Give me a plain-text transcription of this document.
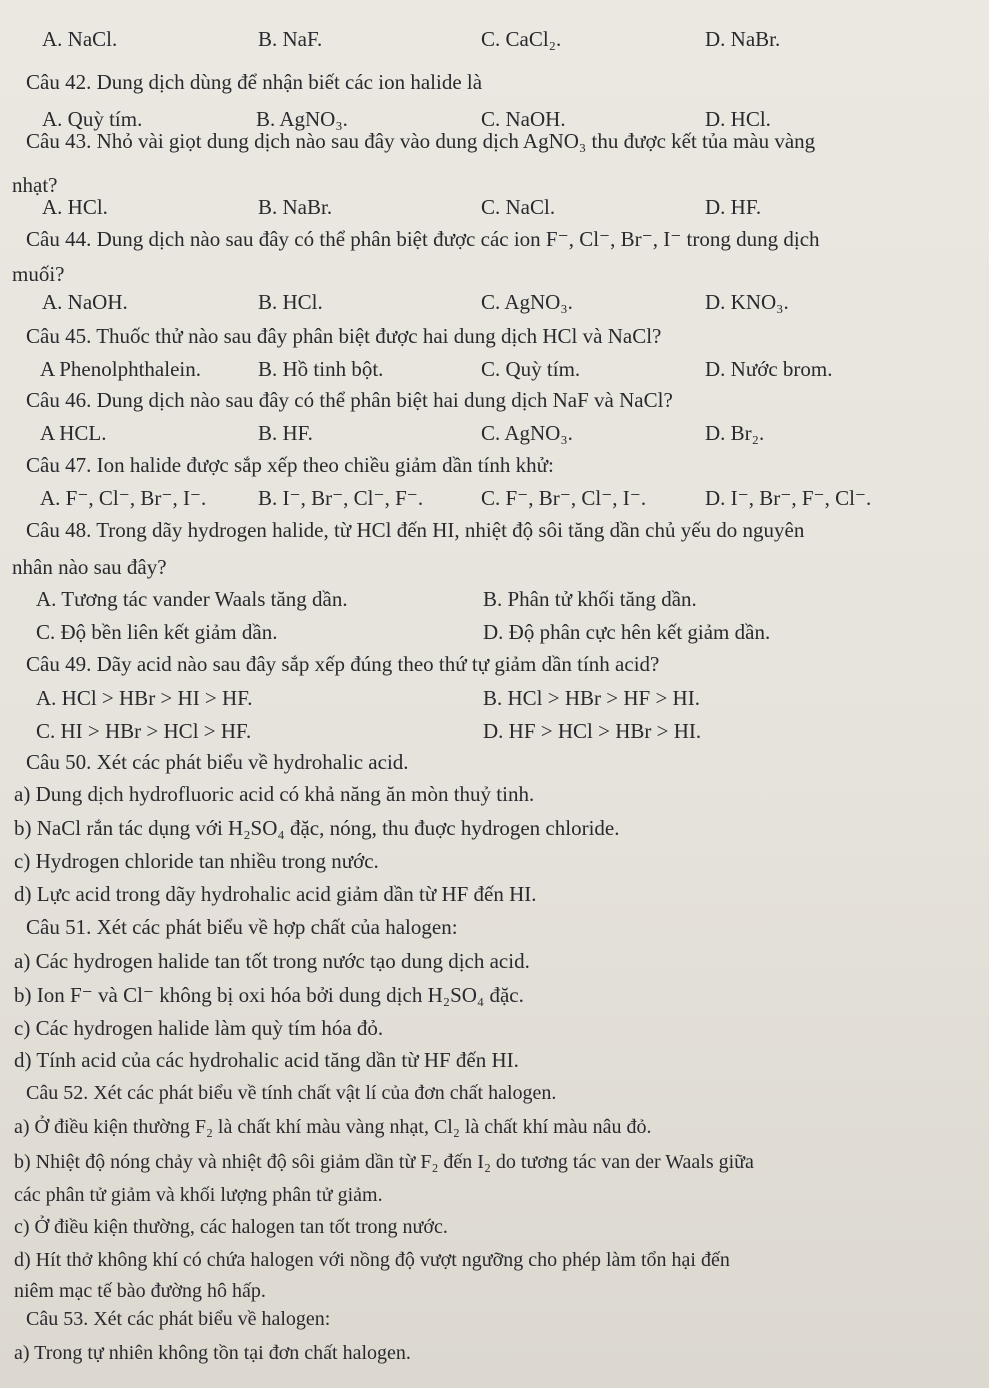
A. NaCl.	B. NaF.	C. CaCl₂.	D. NaBr.
Câu 42. Dung dịch dùng để nhận biết các ion halide là
A. Quỳ tím.	B. AgNO₃.	C. NaOH.	D. HCl.
Câu 43. Nhỏ vài giọt dung dịch nào sau đây vào dung dịch AgNO₃ thu được kết tủa màu vàng
nhạt?
A. HCl.	B. NaBr.	C. NaCl.	D. HF.
Câu 44. Dung dịch nào sau đây có thể phân biệt được các ion F⁻, Cl⁻, Br⁻, I⁻ trong dung dịch
muối?
A. NaOH.	B. HCl.	C. AgNO₃.	D. KNO₃.
Câu 45. Thuốc thử nào sau đây phân biệt được hai dung dịch HCl và NaCl?
A Phenolphthalein.	B. Hồ tinh bột.	C. Quỳ tím.	D. Nước brom.
Câu 46. Dung dịch nào sau đây có thể phân biệt hai dung dịch NaF và NaCl?
A HCL.	B. HF.	C. AgNO₃.	D. Br₂.
Câu 47. Ion halide được sắp xếp theo chiều giảm dần tính khử:
A. F⁻, Cl⁻, Br⁻, I⁻. B. I⁻, Br⁻, Cl⁻, F⁻.	C. F⁻, Br⁻, Cl⁻, I⁻.	D. I⁻, Br⁻, F⁻, Cl⁻.
Câu 48. Trong dãy hydrogen halide, từ HCl đến HI, nhiệt độ sôi tăng dần chủ yếu do nguyên
nhân nào sau đây?
A. Tương tác vander Waals tăng dần.	B. Phân tử khối tăng dần.
C. Độ bền liên kết giảm dần.	D. Độ phân cực hên kết giảm dần.
Câu 49. Dãy acid nào sau đây sắp xếp đúng theo thứ tự giảm dần tính acid?
A. HCl > HBr > HI > HF.	B. HCl > HBr > HF > HI.
C. HI > HBr > HCl > HF.	D. HF > HCl > HBr > HI.
Câu 50. Xét các phát biểu về hydrohalic acid.
a) Dung dịch hydrofluoric acid có khả năng ăn mòn thuỷ tinh.
b) NaCl rắn tác dụng với H₂SO₄ đặc, nóng, thu đuợc hydrogen chloride.
c) Hydrogen chloride tan nhiều trong nước.
d) Lực acid trong dãy hydrohalic acid giảm dần từ HF đến HI.
Câu 51. Xét các phát biểu về hợp chất của halogen:
a) Các hydrogen halide tan tốt trong nước tạo dung dịch acid.
b) Ion F⁻ và Cl⁻ không bị oxi hóa bởi dung dịch H₂SO₄ đặc.
c) Các hydrogen halide làm quỳ tím hóa đỏ.
d) Tính acid của các hydrohalic acid tăng dần từ HF đến HI.
Câu 52. Xét các phát biểu về tính chất vật lí của đơn chất halogen.
a) Ở điều kiện thường F₂ là chất khí màu vàng nhạt, Cl₂ là chất khí màu nâu đỏ.
b) Nhiệt độ nóng chảy và nhiệt độ sôi giảm dần từ F₂ đến I₂ do tương tác van der Waals giữa
các phân tử giảm và khối lượng phân tử giảm.
c) Ở điều kiện thường, các halogen tan tốt trong nước.
d) Hít thở không khí có chứa halogen với nồng độ vượt ngưỡng cho phép làm tổn hại đến
niêm mạc tế bào đường hô hấp.
Câu 53. Xét các phát biểu về halogen:
a) Trong tự nhiên không tồn tại đơn chất halogen.
